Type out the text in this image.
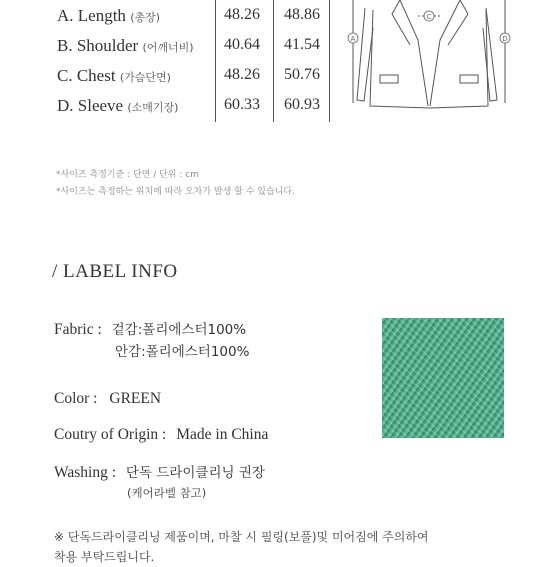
A. Length (총장)	48.26 48.86
B. Shoulder (어깨너비) 40.64 41.54
C. Chest (가슴단면)	48.26 50.76
D. Sleeve (소매기장)	60.33 60.93
A
C
D
*사이즈 측정기준 : 단면 / 단위 : cm
*사이즈는 측정하는 위치에 따라 오차가 발생 할 수 있습니다.
/ LABEL INFO
Fabric : 겉감:폴리에스터100%
안감:폴리에스터100%
Color : GREEN
Coutry of Origin : Made in China
Washing : 단독 드라이클리닝 권장
(케어라벨 참고)
※ 단독드라이클리닝 제품이며, 마찰 시 필링(보풀)및 미어짐에 주의하여
착용 부탁드립니다.
